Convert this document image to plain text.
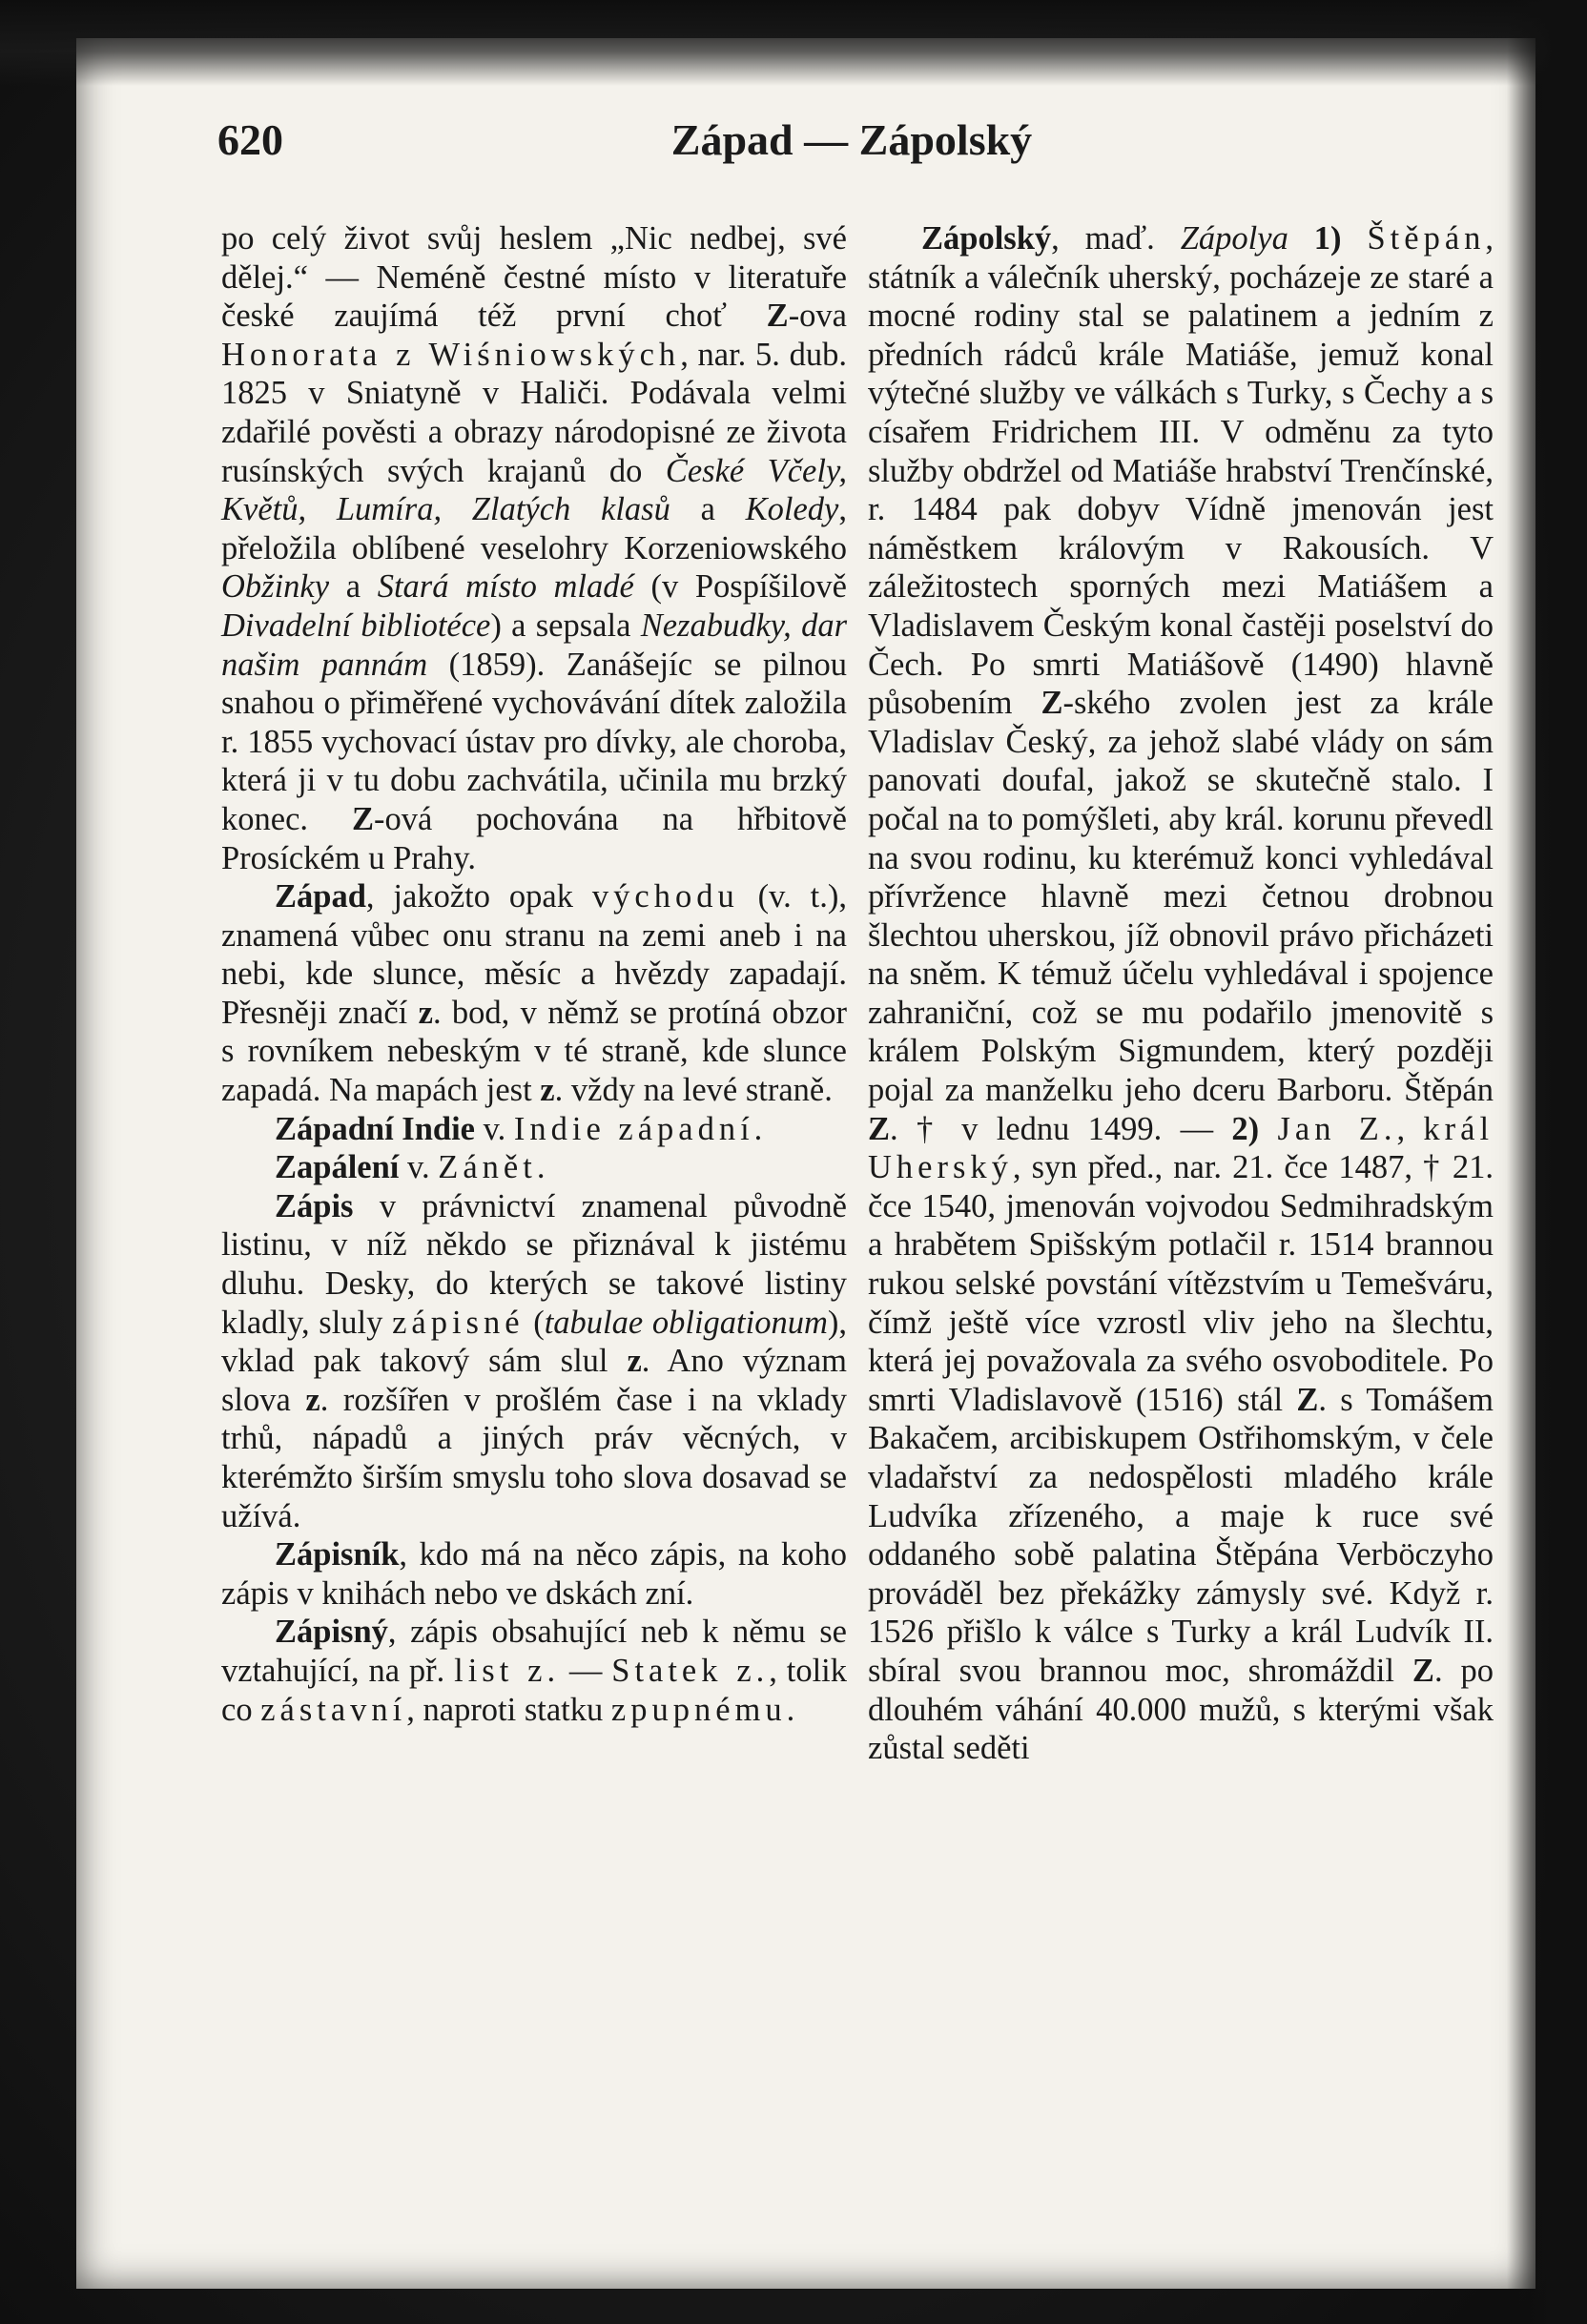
Západ — Zápolský
620

po celý život svůj heslem „Nic nedbej, své dělej.“ — Neméně čestné místo v literatuře české zaujímá též první choť Z-ova Honorata z Wiśniowských, nar. 5. dub. 1825 v Sniatyně v Haliči. Podávala velmi zdařilé pověsti a obrazy národopisné ze života rusínských svých krajanů do České Včely, Květů, Lumíra, Zlatých klasů a Koledy, přeložila oblíbené veselohry Korzeniowského Obžinky a Stará místo mladé (v Pospíšilově Divadelní bibliotéce) a sepsala Nezabudky, dar našim pannám (1859). Zanášejíc se pilnou snahou o přiměřené vychovávání dítek založila r. 1855 vychovací ústav pro dívky, ale choroba, která ji v tu dobu zachvátila, učinila mu brzký konec. Z-ová pochována na hřbitově Prosíckém u Prahy.

Západ, jakožto opak východu (v. t.), znamená vůbec onu stranu na zemi aneb i na nebi, kde slunce, měsíc a hvězdy zapadají. Přesněji značí z. bod, v němž se protíná obzor s rovníkem nebeským v té straně, kde slunce zapadá. Na mapách jest z. vždy na levé straně.

Západní Indie v. Indie západní.

Zapálení v. Zánět.

Zápis v právnictví znamenal původně listinu, v níž někdo se přiznával k jistému dluhu. Desky, do kterých se takové listiny kladly, sluly zápisné (tabulae obligationum), vklad pak takový sám slul z. Ano význam slova z. rozšířen v prošlém čase i na vklady trhů, nápadů a jiných práv věcných, v kterémžto širším smyslu toho slova dosavad se užívá.

Zápisník, kdo má na něco zápis, na koho zápis v knihách nebo ve dskách zní.

Zápisný, zápis obsahující neb k němu se vztahující, na př. list z. — Statek z., tolik co zástavní, naproti statku zpupnému.

Zápolský, maď. Zápolya 1) Štěpán, státník a válečník uherský, pocházeje ze staré a mocné rodiny stal se palatinem a jedním z předních rádců krále Matiáše, jemuž konal výtečné služby ve válkách s Turky, s Čechy a s císařem Fridrichem III. V odměnu za tyto služby obdržel od Matiáše hrabství Trenčínské, r. 1484 pak dobyv Vídně jmenován jest náměstkem královým v Rakousích. V záležitostech sporných mezi Matiášem a Vladislavem Českým konal častěji poselství do Čech. Po smrti Matiášově (1490) hlavně působením Z-ského zvolen jest za krále Vladislav Český, za jehož slabé vlády on sám panovati doufal, jakož se skutečně stalo. I počal na to pomýšleti, aby král. korunu převedl na svou rodinu, ku kterémuž konci vyhledával přívržence hlavně mezi četnou drobnou šlechtou uherskou, jíž obnovil právo přicházeti na sněm. K témuž účelu vyhledával i spojence zahraniční, což se mu podařilo jmenovitě s králem Polským Sigmundem, který později pojal za manželku jeho dceru Barboru. Štěpán Z. † v lednu 1499. — 2) Jan Z., král Uherský, syn před., nar. 21. čce 1487, † 21. čce 1540, jmenován vojvodou Sedmihradským a hrabětem Spišským potlačil r. 1514 brannou rukou selské povstání vítězstvím u Temešváru, čímž ještě více vzrostl vliv jeho na šlechtu, která jej považovala za svého osvoboditele. Po smrti Vladislavově (1516) stál Z. s Tomášem Bakačem, arcibiskupem Ostřihomským, v čele vladařství za nedospělosti mladého krále Ludvíka zřízeného, a maje k ruce své oddaného sobě palatina Štěpána Verböczyho prováděl bez překážky zámysly své. Když r. 1526 přišlo k válce s Turky a král Ludvík II. sbíral svou brannou moc, shromáždil Z. po dlouhém váhání 40.000 mužů, s kterými však zůstal seděti
